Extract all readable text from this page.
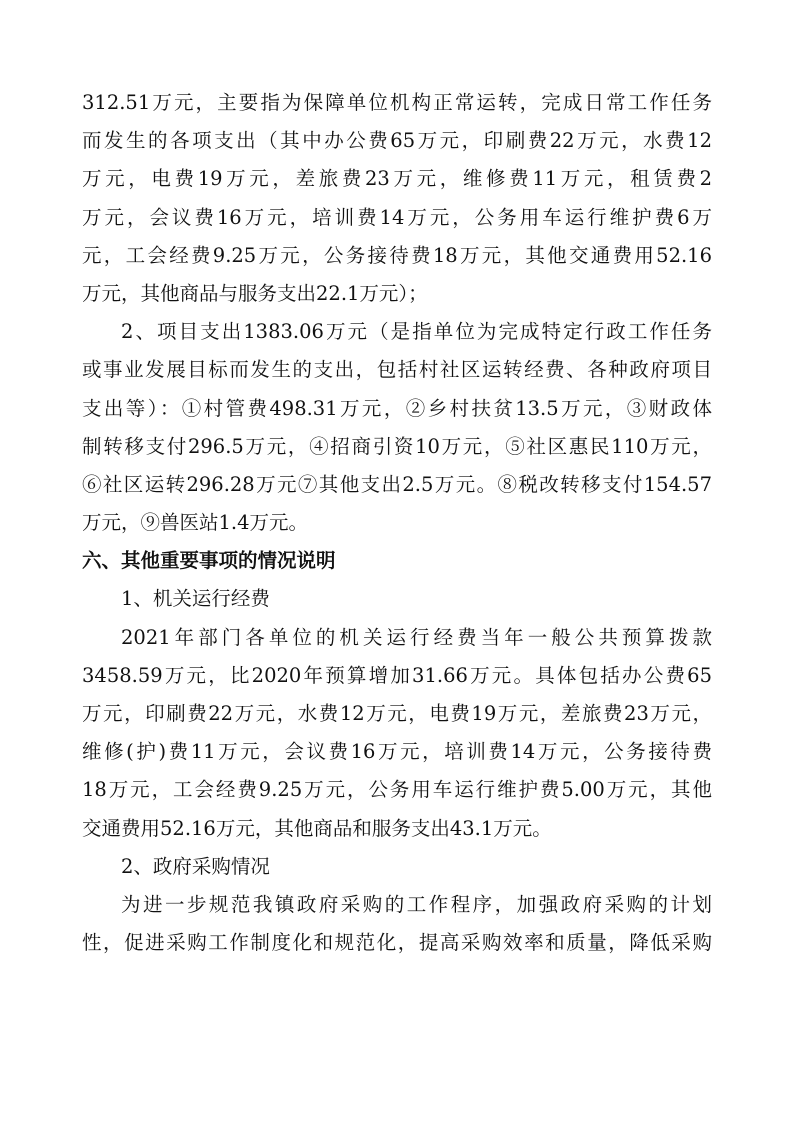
312.51万元，主要指为保障单位机构正常运转，完成日常工作任务
而发生的各项支出（其中办公费65万元，印刷费22万元，水费12
万元，电费19万元，差旅费23万元，维修费11万元，租赁费2
万元，会议费16万元，培训费14万元，公务用车运行维护费6万
元，工会经费9.25万元，公务接待费18万元，其他交通费用52.16
万元，其他商品与服务支出22.1万元）；
2、项目支出1383.06万元（是指单位为完成特定行政工作任务
或事业发展目标而发生的支出，包括村社区运转经费、各种政府项目
支出等）：①村管费498.31万元，②乡村扶贫13.5万元，③财政体
制转移支付296.5万元，④招商引资10万元，⑤社区惠民110万元，
⑥社区运转296.28万元⑦其他支出2.5万元。⑧税改转移支付154.57
万元，⑨兽医站1.4万元。
六、其他重要事项的情况说明
1、机关运行经费
2021年部门各单位的机关运行经费当年一般公共预算拨款
3458.59万元，比2020年预算增加31.66万元。具体包括办公费65
万元，印刷费22万元，水费12万元，电费19万元，差旅费23万元，
维修(护)费11万元，会议费16万元，培训费14万元，公务接待费
18万元，工会经费9.25万元，公务用车运行维护费5.00万元，其他
交通费用52.16万元，其他商品和服务支出43.1万元。
2、政府采购情况
为进一步规范我镇政府采购的工作程序，加强政府采购的计划
性，促进采购工作制度化和规范化，提高采购效率和质量，降低采购
